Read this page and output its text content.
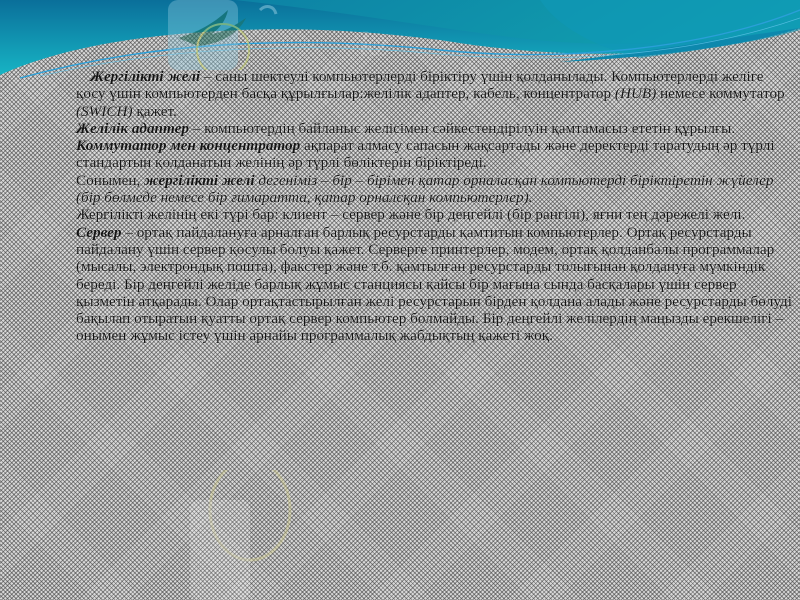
kz

Жергілікті желі – саны шектеулі компьютерлерді біріктіру үшін қолданылады. Компьютерлерді желіге қосу үшін компьютерден басқа құрылғылар:желілік адаптер, кабель, концентратор (HUB) немесе коммутатор (SWICH) қажет.

Желілік адаптер – компьютердің байланыс желісімен сәйкестендірілуін қамтамасыз ететін құрылғы.

Коммутатор мен концентратор ақпарат алмасу сапасын жақсартады және деректерді таратудың әр түрлі стандартын қолданатын желінің әр түрлі бөліктерін біріктіреді.

Сонымен, жергілікті желі дегеніміз – бір – бірімен қатар орналасқан компьютерді біріктіретін жүйелер (бір бөлмеде немесе бір ғимаратта, қатар орналсқан компьютерлер).

Жергілікті желінің екі түрі бар: клиент – сервер және бір деңгейлі (бір рангілі), яғни тең дәрежелі желі.

Сервер – ортақ пайдалануға арналған барлық ресурстарды қамтитын компьютерлер. Ортақ ресурстарды пайдалану үшін сервер қосулы болуы қажет. Серверге принтерлер, модем, ортақ қолданбалы программалар (мысалы, электрондық пошта), факстер және т.б. қамтылған ресурстарды толығынан қолдануға мүмкіндік береді. Бір деңгейлі желіде барлық жұмыс станциясы қайсы бір мағына сында басқалары үшін сервер қызметін атқарады. Олар ортақтастырылған желі ресурстарын бірден қолдана алады және ресурстарды бөлуді бақылап отыратын қуатты ортақ сервер компьютер болмайды. Бір деңгейлі желілердің маңызды ерекшелігі – онымен жұмыс істеу үшін арнайы программалық жабдықтың қажеті жоқ.
